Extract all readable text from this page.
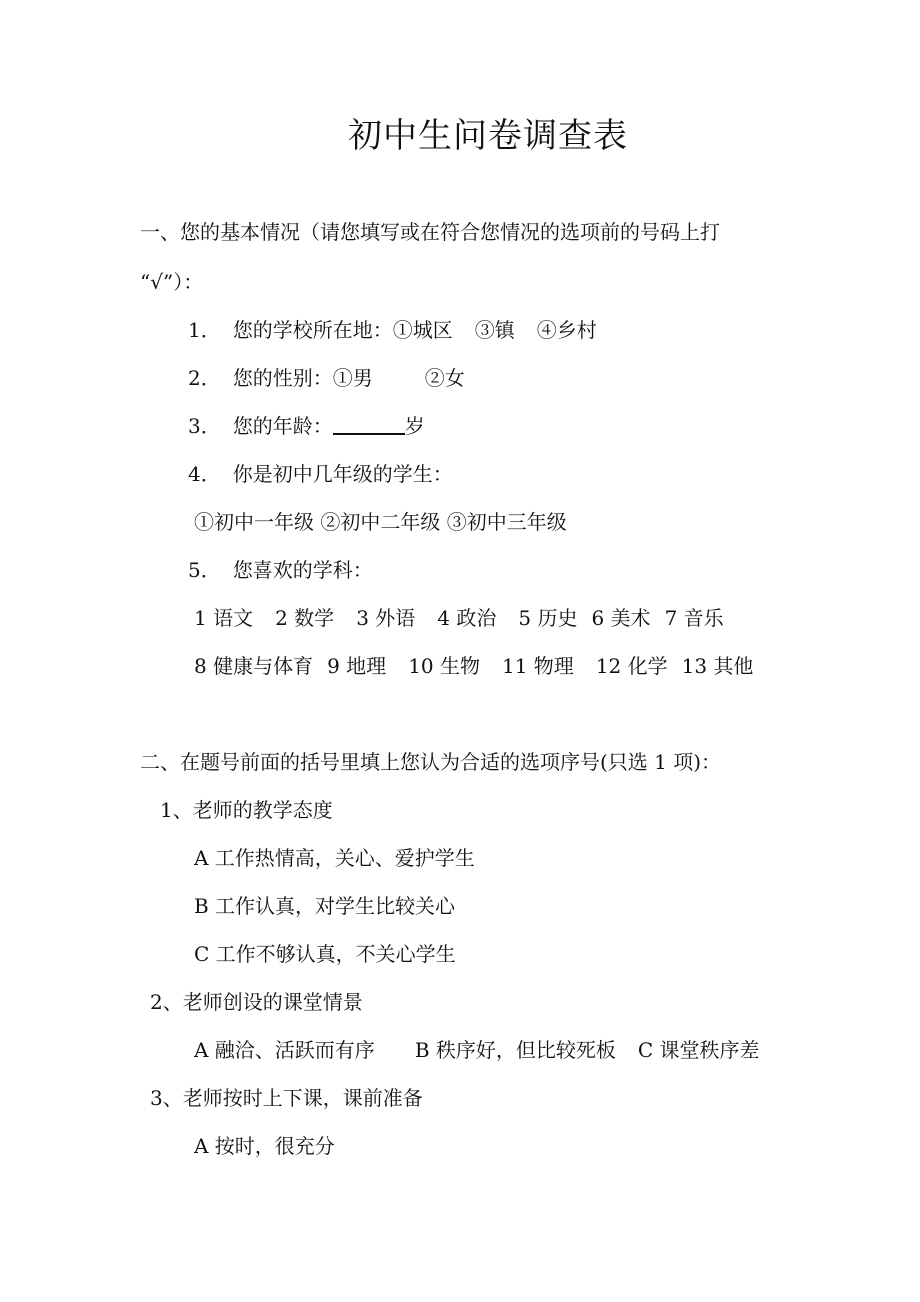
初中生问卷调查表
一、您的基本情况（请您填写或在符合您情况的选项前的号码上打
“√”）：
1． 您的学校所在地：①城区 ③镇 ④乡村
2． 您的性别：①男	②女
3． 您的年龄：	岁
4． 你是初中几年级的学生：
①初中一年级 ②初中二年级 ③初中三年级
5． 您喜欢的学科：
1 语文 2 数学 3 外语 4 政治 5 历史 6 美术 7 音乐
8 健康与体育 9 地理 10 生物 11 物理 12 化学 13 其他
二、在题号前面的括号里填上您认为合适的选项序号(只选 1 项)：
1、老师的教学态度
A 工作热情高，关心、爱护学生
B 工作认真，对学生比较关心
C 工作不够认真，不关心学生
2、老师创设的课堂情景
A 融洽、活跃而有序 B 秩序好，但比较死板 C 课堂秩序差
3、老师按时上下课，课前准备
A 按时，很充分
